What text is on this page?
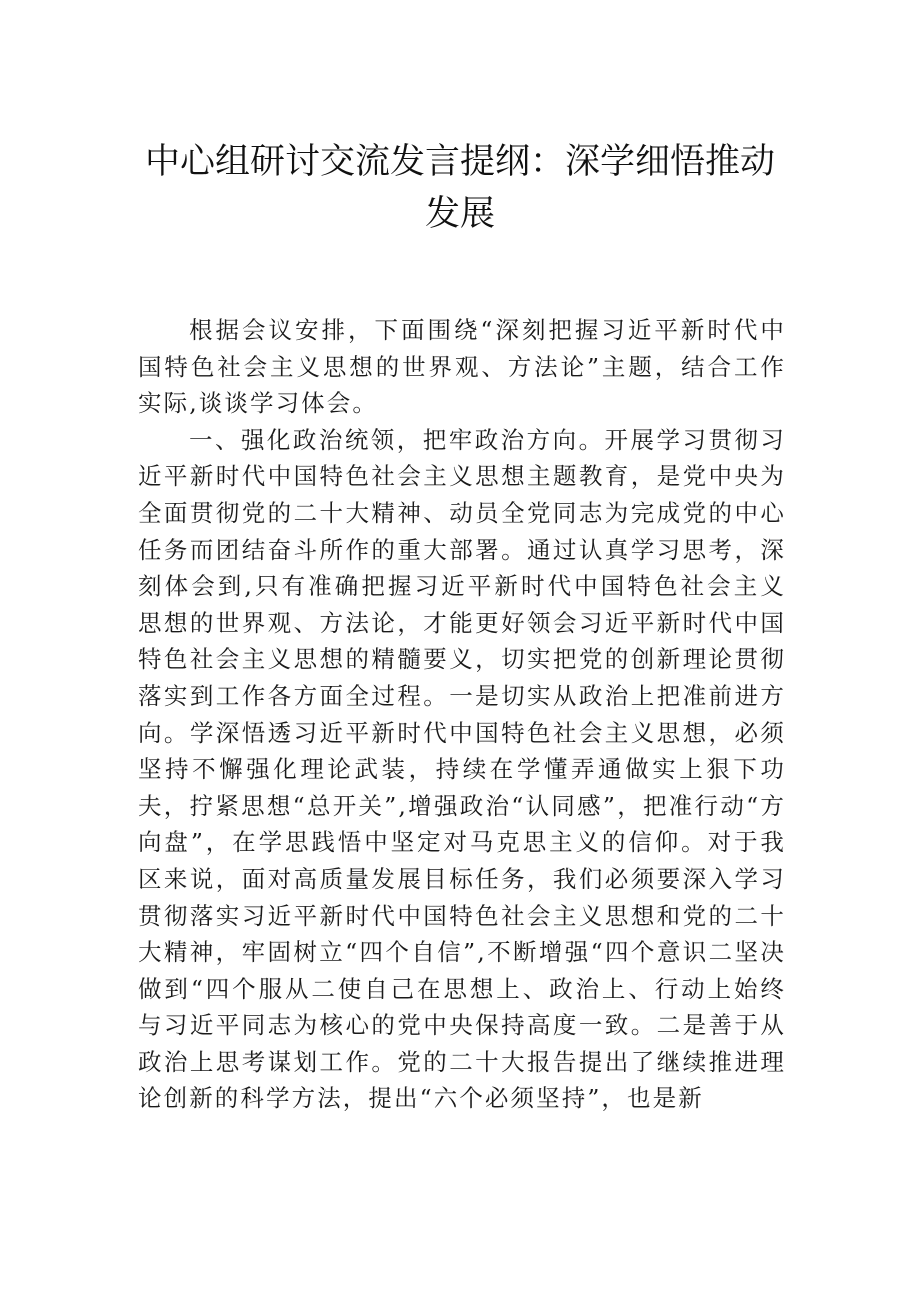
中心组研讨交流发言提纲：深学细悟推动
发展

根据会议安排，下面围绕“深刻把握习近平新时代中国特色社会主义思想的世界观、方法论”主题，结合工作实际,谈谈学习体会。

一、强化政治统领，把牢政治方向。开展学习贯彻习近平新时代中国特色社会主义思想主题教育，是党中央为全面贯彻党的二十大精神、动员全党同志为完成党的中心任务而团结奋斗所作的重大部署。通过认真学习思考，深刻体会到,只有准确把握习近平新时代中国特色社会主义思想的世界观、方法论，才能更好领会习近平新时代中国特色社会主义思想的精髓要义，切实把党的创新理论贯彻落实到工作各方面全过程。一是切实从政治上把准前进方向。学深悟透习近平新时代中国特色社会主义思想，必须坚持不懈强化理论武装，持续在学懂弄通做实上狠下功夫，拧紧思想“总开关”,增强政治“认同感”，把准行动“方向盘”，在学思践悟中坚定对马克思主义的信仰。对于我区来说，面对高质量发展目标任务，我们必须要深入学习贯彻落实习近平新时代中国特色社会主义思想和党的二十大精神，牢固树立“四个自信”,不断增强“四个意识二坚决做到“四个服从二使自己在思想上、政治上、行动上始终与习近平同志为核心的党中央保持高度一致。二是善于从政治上思考谋划工作。党的二十大报告提出了继续推进理论创新的科学方法，提出“六个必须坚持”，也是新
